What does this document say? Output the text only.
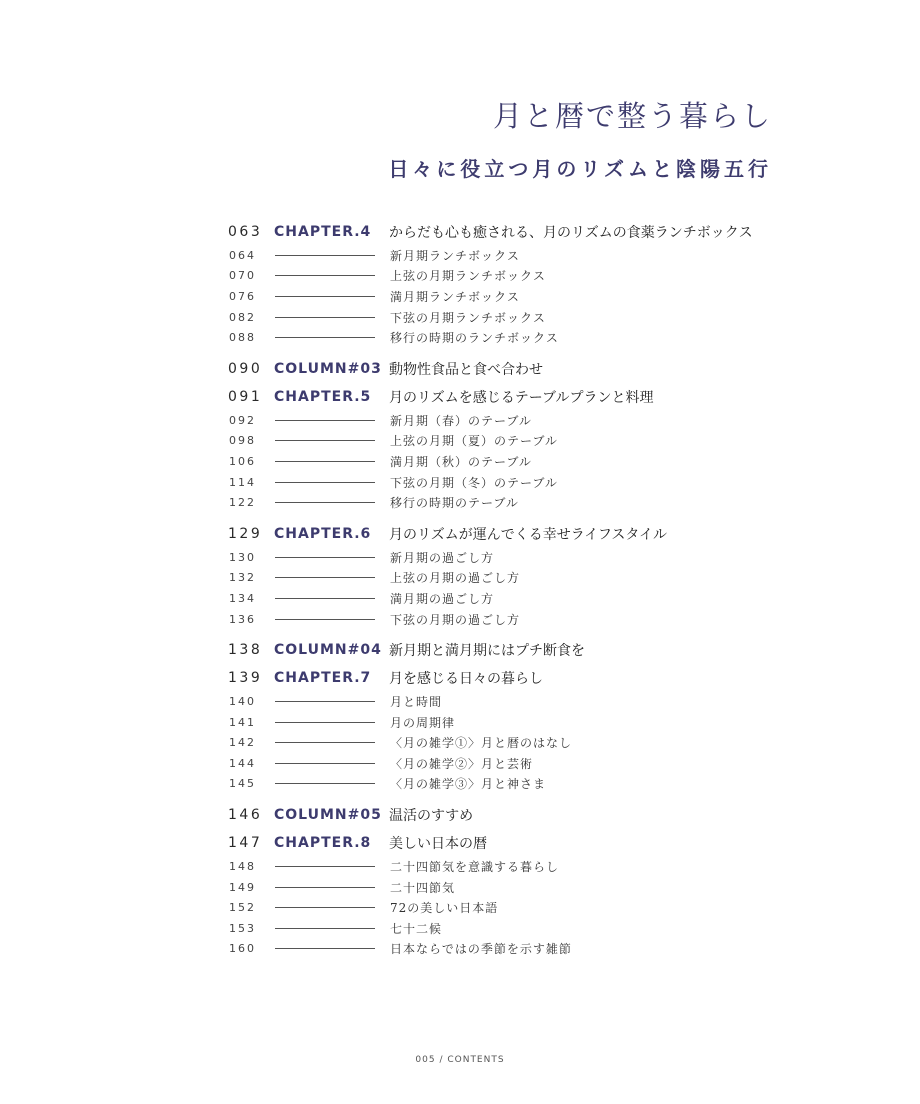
月と暦で整う暮らし
日々に役立つ月のリズムと陰陽五行
063 CHAPTER.4	からだも心も癒される、月のリズムの食薬ランチボックス
064	新月期ランチボックス
070	上弦の月期ランチボックス
076	満月期ランチボックス
082	下弦の月期ランチボックス
088	移行の時期のランチボックス
090 COLUMN#03 動物性食品と食べ合わせ
091 CHAPTER.5	月のリズムを感じるテーブルプランと料理
092	新月期（春）のテーブル
098	上弦の月期（夏）のテーブル
106	満月期（秋）のテーブル
114	下弦の月期（冬）のテーブル
122	移行の時期のテーブル
129 CHAPTER.6	月のリズムが運んでくる幸せライフスタイル
130	新月期の過ごし方
132	上弦の月期の過ごし方
134	満月期の過ごし方
136	下弦の月期の過ごし方
138 COLUMN#04 新月期と満月期にはプチ断食を
139 CHAPTER.7	月を感じる日々の暮らし
140	月と時間
141	月の周期律
142	〈月の雑学①〉月と暦のはなし
144	〈月の雑学②〉月と芸術
145	〈月の雑学③〉月と神さま
146 COLUMN#05 温活のすすめ
147 CHAPTER.8	美しい日本の暦
148	二十四節気を意識する暮らし
149	二十四節気
152	72の美しい日本語
153	七十二候
160	日本ならではの季節を示す雑節
005 / CONTENTS
